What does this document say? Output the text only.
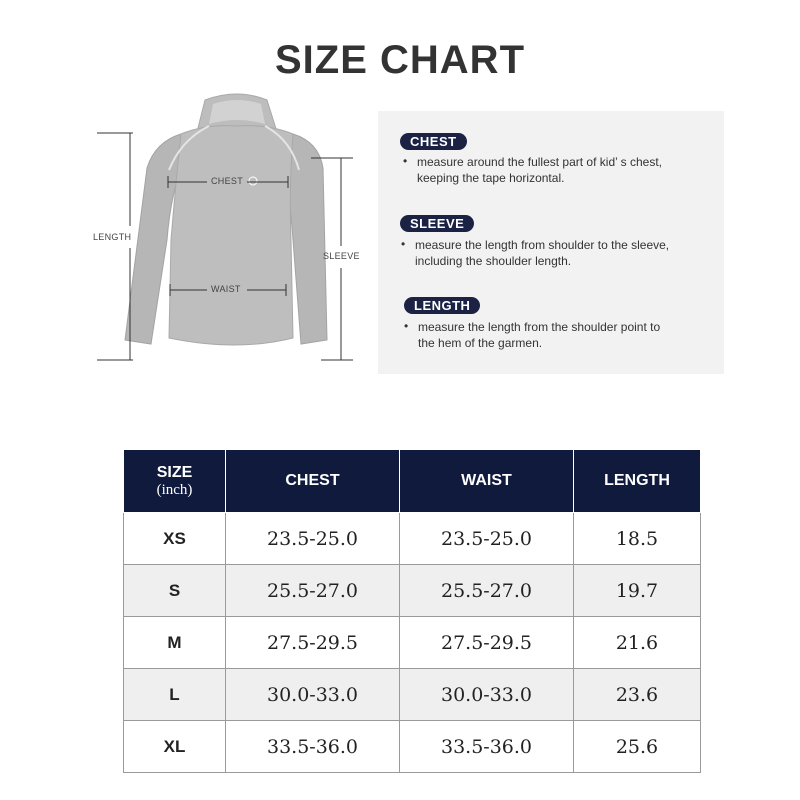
SIZE CHART
CHEST
WAIST
LENGTH
SLEEVE
CHEST
• measure around the fullest part of kid’ s chest,
keeping the tape horizontal.
SLEEVE
• measure the length from shoulder to the sleeve,
including the shoulder length.
LENGTH
• measure the length from the shoulder point to
the hem of the garmen.
SIZE
(inch)	CHEST	WAIST	LENGTH
XS	23.5-25.0	23.5-25.0	18.5
S	25.5-27.0	25.5-27.0	19.7
M	27.5-29.5	27.5-29.5	21.6
L	30.0-33.0	30.0-33.0	23.6
XL	33.5-36.0	33.5-36.0	25.6
